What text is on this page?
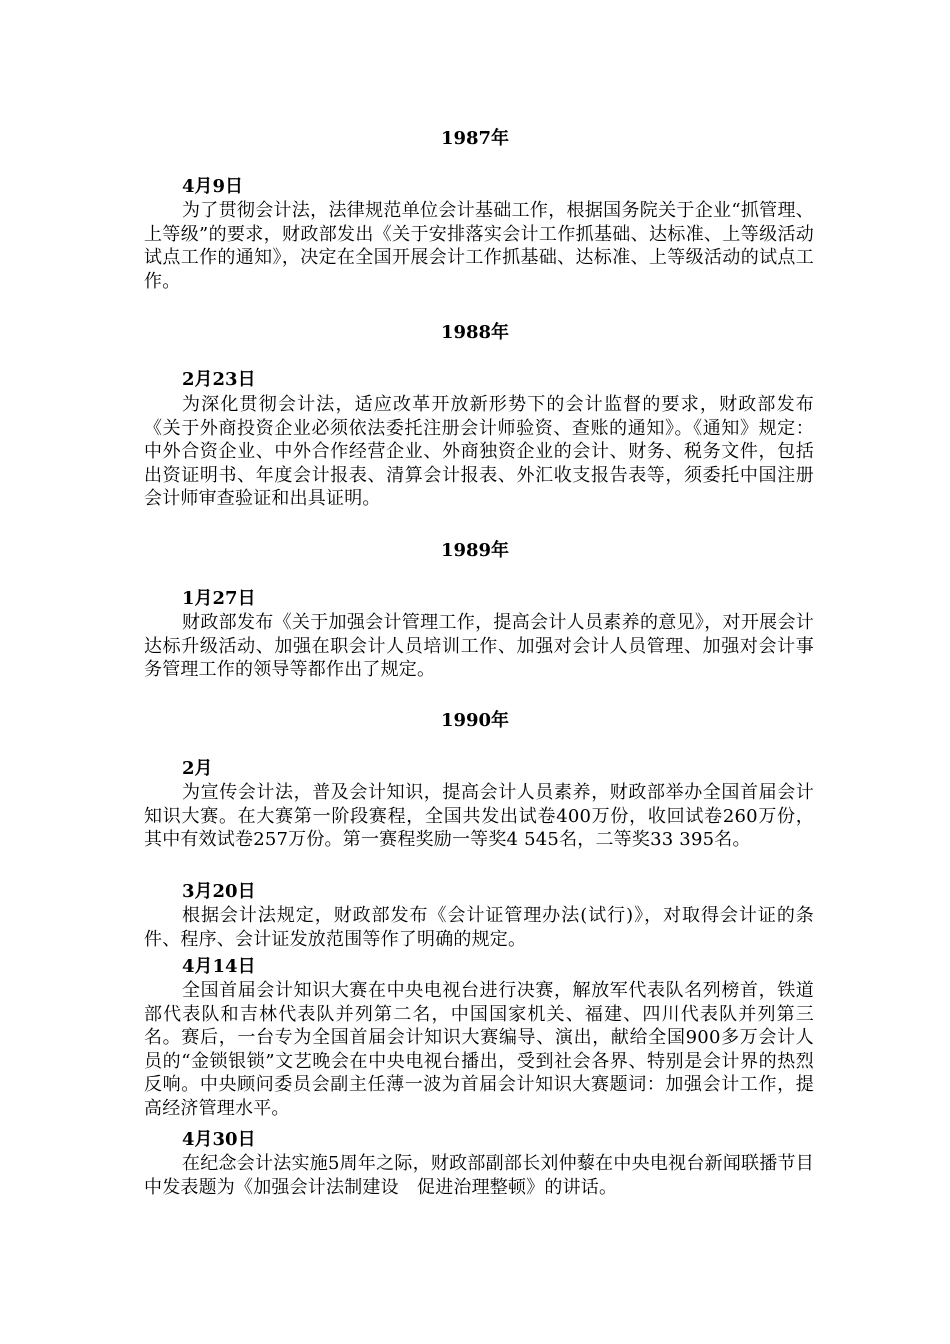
1987年
4月9日
为了贯彻会计法，法律规范单位会计基础工作，根据国务院关于企业“抓管理、上等级”的要求，财政部发出《关于安排落实会计工作抓基础、达标准、上等级活动试点工作的通知》，决定在全国开展会计工作抓基础、达标准、上等级活动的试点工作。
1988年
2月23日
为深化贯彻会计法，适应改革开放新形势下的会计监督的要求，财政部发布《关于外商投资企业必须依法委托注册会计师验资、查账的通知》。《通知》规定：中外合资企业、中外合作经营企业、外商独资企业的会计、财务、税务文件，包括出资证明书、年度会计报表、清算会计报表、外汇收支报告表等，须委托中国注册会计师审查验证和出具证明。
1989年
1月27日
财政部发布《关于加强会计管理工作，提高会计人员素养的意见》，对开展会计达标升级活动、加强在职会计人员培训工作、加强对会计人员管理、加强对会计事务管理工作的领导等都作出了规定。
1990年
2月
为宣传会计法，普及会计知识，提高会计人员素养，财政部举办全国首届会计知识大赛。在大赛第一阶段赛程，全国共发出试卷400万份，收回试卷260万份，其中有效试卷257万份。第一赛程奖励一等奖4 545名，二等奖33 395名。
3月20日
根据会计法规定，财政部发布《会计证管理办法(试行)》，对取得会计证的条件、程序、会计证发放范围等作了明确的规定。
4月14日
全国首届会计知识大赛在中央电视台进行决赛，解放军代表队名列榜首，铁道部代表队和吉林代表队并列第二名，中国国家机关、福建、四川代表队并列第三名。赛后，一台专为全国首届会计知识大赛编导、演出，献给全国900多万会计人员的“金锁银锁”文艺晚会在中央电视台播出，受到社会各界、特别是会计界的热烈反响。中央顾问委员会副主任薄一波为首届会计知识大赛题词：加强会计工作，提高经济管理水平。
4月30日
在纪念会计法实施5周年之际，财政部副部长刘仲藜在中央电视台新闻联播节目中发表题为《加强会计法制建设　促进治理整顿》的讲话。
